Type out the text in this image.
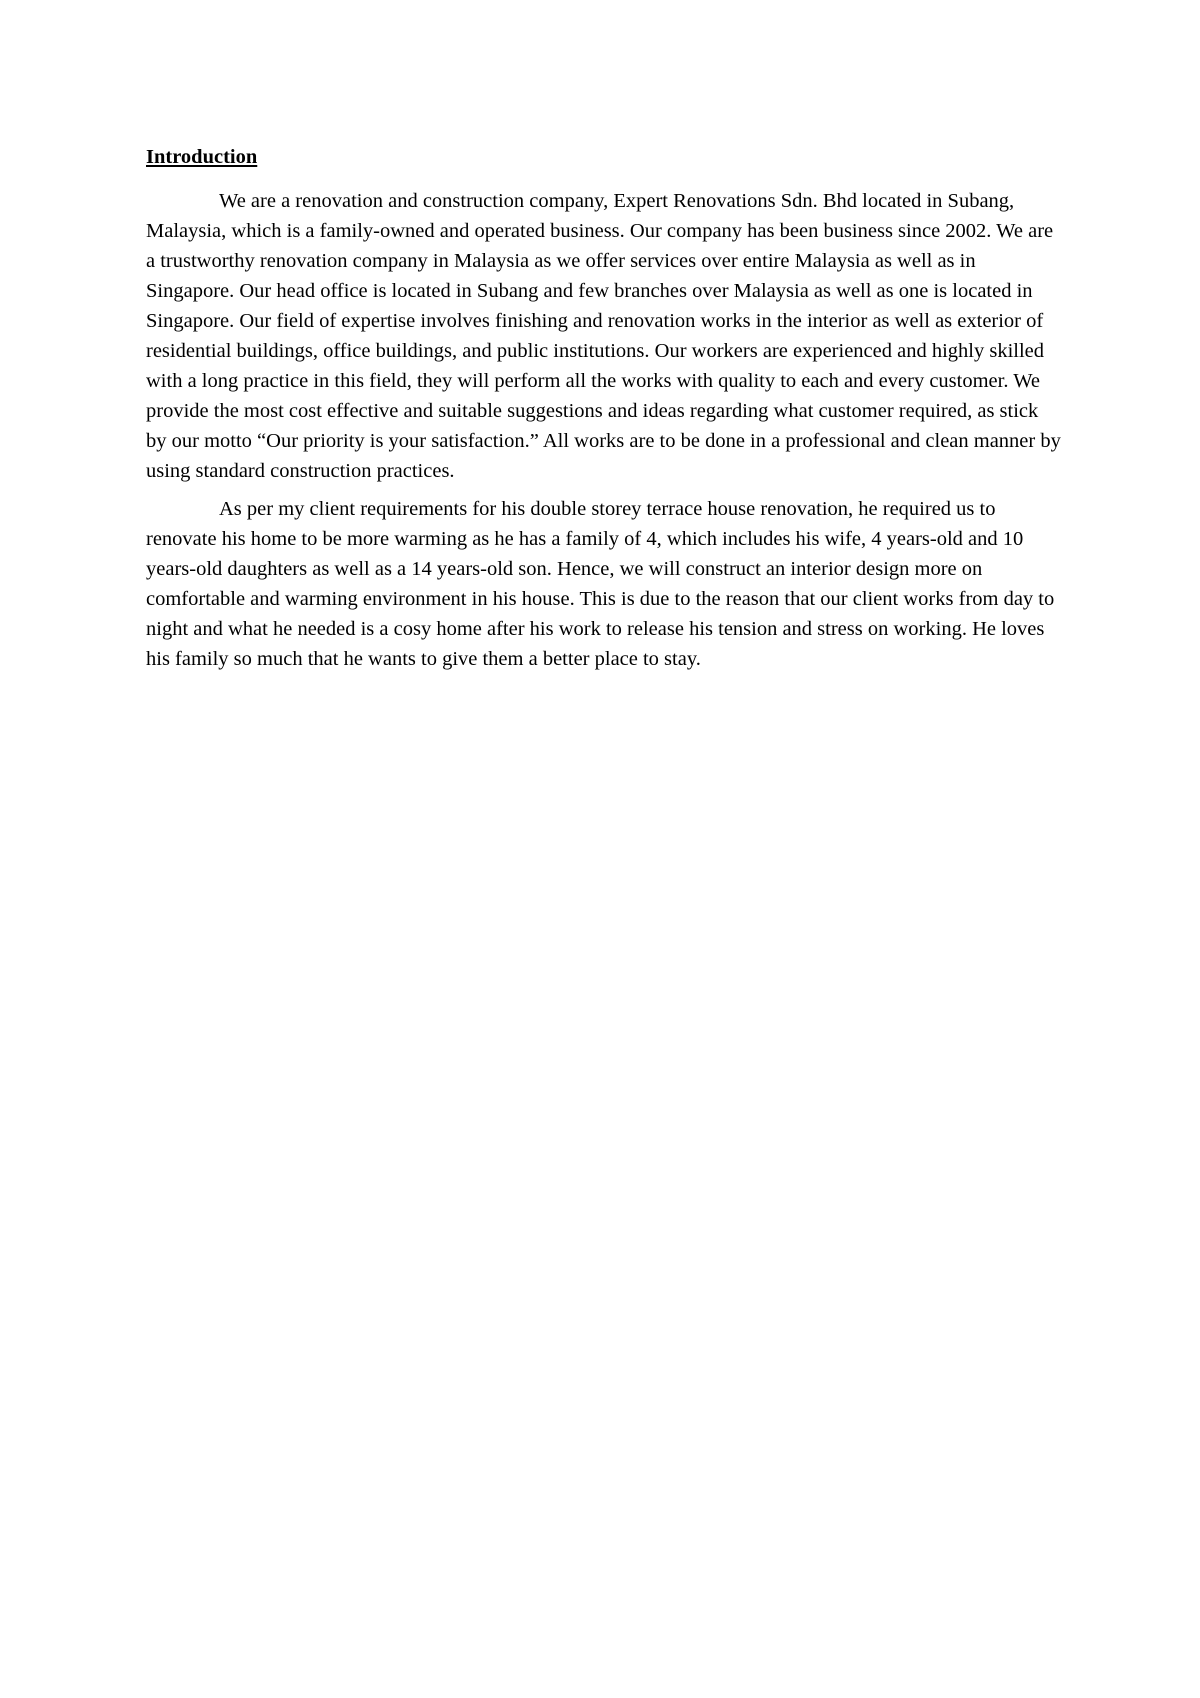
Introduction

We are a renovation and construction company, Expert Renovations Sdn. Bhd located in Subang, Malaysia, which is a family-owned and operated business. Our company has been business since 2002. We are a trustworthy renovation company in Malaysia as we offer services over entire Malaysia as well as in Singapore. Our head office is located in Subang and few branches over Malaysia as well as one is located in Singapore. Our field of expertise involves finishing and renovation works in the interior as well as exterior of residential buildings, office buildings, and public institutions. Our workers are experienced and highly skilled with a long practice in this field, they will perform all the works with quality to each and every customer. We provide the most cost effective and suitable suggestions and ideas regarding what customer required, as stick by our motto “Our priority is your satisfaction.” All works are to be done in a professional and clean manner by using standard construction practices.

As per my client requirements for his double storey terrace house renovation, he required us to renovate his home to be more warming as he has a family of 4, which includes his wife, 4 years-old and 10 years-old daughters as well as a 14 years-old son. Hence, we will construct an interior design more on comfortable and warming environment in his house. This is due to the reason that our client works from day to night and what he needed is a cosy home after his work to release his tension and stress on working. He loves his family so much that he wants to give them a better place to stay.
